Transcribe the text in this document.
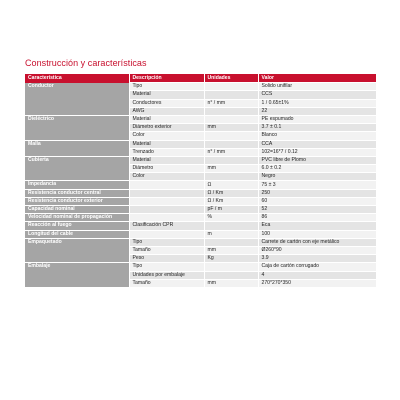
Construcción y características
Característica	Descripción	Unidades	Valor
Conductor	Tipo		Solido unifilar
	Material		CCS
	Conductores	n° / mm	1 / 0.65±1%
	AWG		22
Dieléctrico	Material		PE espumado
	Diámetro exterior	mm	3.7 ± 0.1
	Color		Blanco
Malla	Material		CCA
	Trenzado	n° / mm	102=16*7 / 0.12
Cubierta	Material		PVC libre de Plomo
	Diámetro	mm	6.0 ± 0.2
	Color		Negro
Impedancia		Ω	75 ± 3
Resistencia conductor central		Ω / Km	250
Resistencia conductor exterior		Ω / Km	60
Capacidad nominal		pF / m	52
Velocidad nominal de propagación		%	86
Reacción al fuego	Clasificación CPR		Eca
Longitud del cable		m	100
Empaquetado	Tipo		Carrete de cartón con eje metálico
	Tamaño	mm	Ø260*90
	Peso	Kg	3.9
Embalaje	Tipo		Caja de cartón corrugado
	Unidades por embalaje		4
	Tamaño	mm	270*270*350
